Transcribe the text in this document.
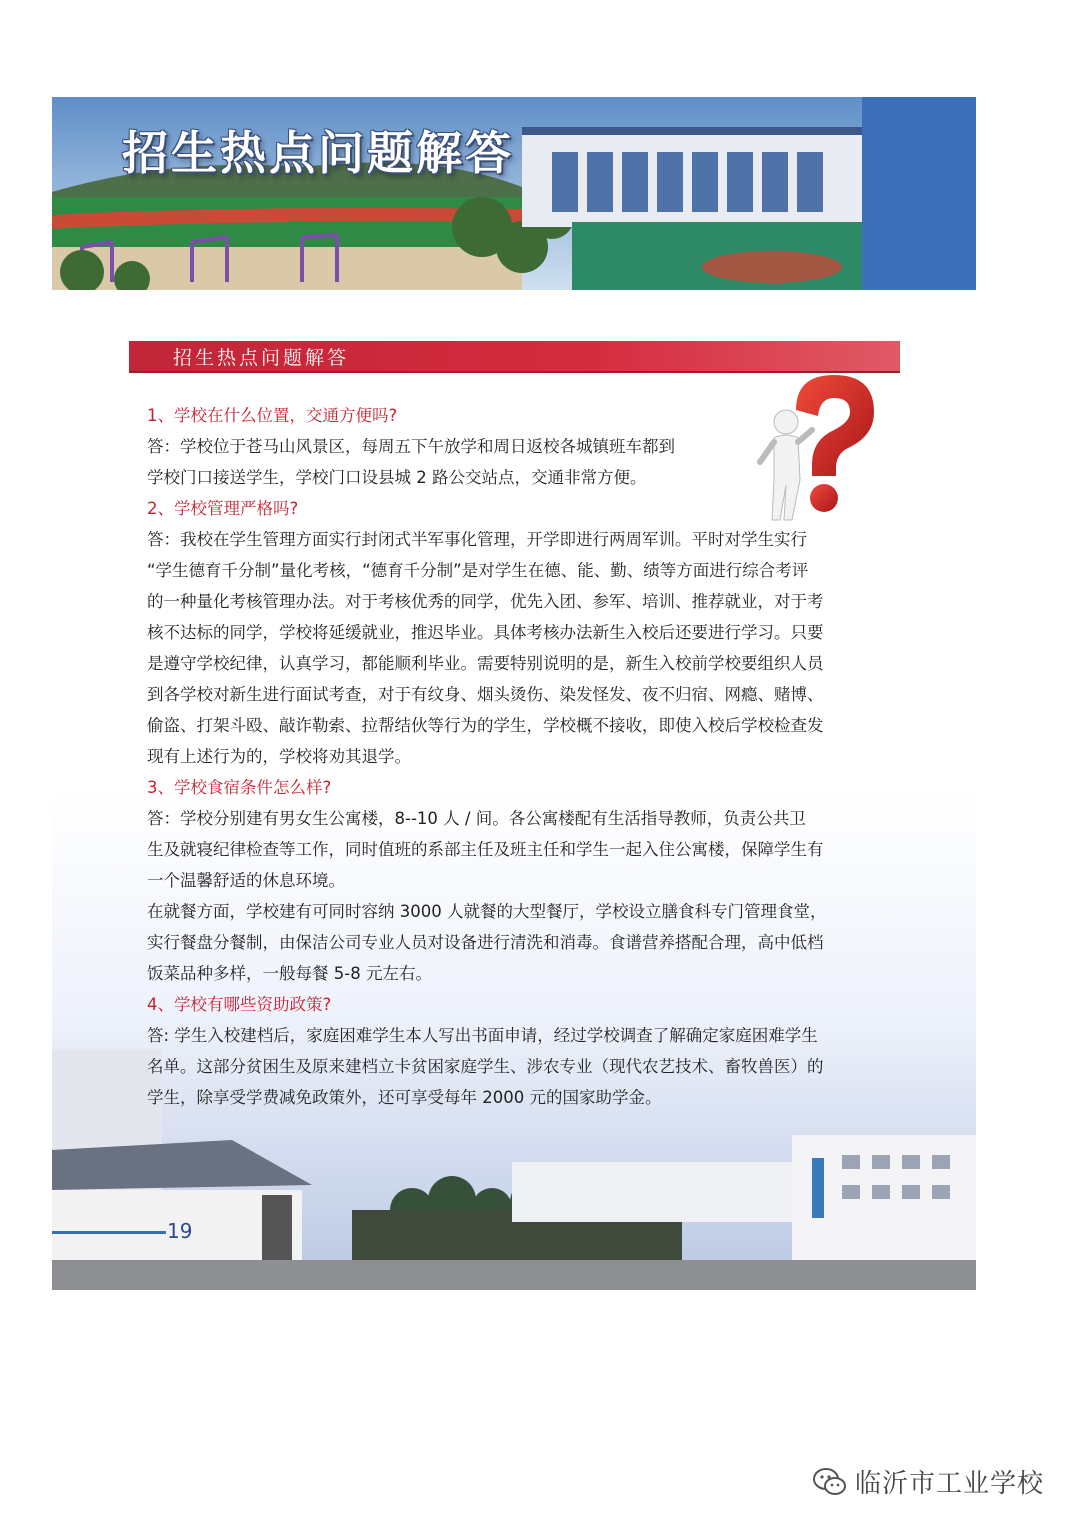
招生热点问题解答
招生热点问题解答
1、学校在什么位置，交通方便吗?
答：学校位于苍马山风景区，每周五下午放学和周日返校各城镇班车都到
学校门口接送学生，学校门口设县城 2 路公交站点，交通非常方便。
2、学校管理严格吗?
答：我校在学生管理方面实行封闭式半军事化管理，开学即进行两周军训。平时对学生实行
“学生德育千分制”量化考核，“德育千分制”是对学生在德、能、勤、绩等方面进行综合考评
的一种量化考核管理办法。对于考核优秀的同学，优先入团、参军、培训、推荐就业，对于考
核不达标的同学，学校将延缓就业，推迟毕业。具体考核办法新生入校后还要进行学习。只要
是遵守学校纪律，认真学习，都能顺利毕业。需要特别说明的是，新生入校前学校要组织人员
到各学校对新生进行面试考查，对于有纹身、烟头烫伤、染发怪发、夜不归宿、网瘾、赌博、
偷盗、打架斗殴、敲诈勒索、拉帮结伙等行为的学生，学校概不接收，即使入校后学校检查发
现有上述行为的，学校将劝其退学。
3、学校食宿条件怎么样?
答：学校分别建有男女生公寓楼，8--10 人 / 间。各公寓楼配有生活指导教师，负责公共卫
生及就寝纪律检查等工作，同时值班的系部主任及班主任和学生一起入住公寓楼，保障学生有
一个温馨舒适的休息环境。
在就餐方面，学校建有可同时容纳 3000 人就餐的大型餐厅，学校设立膳食科专门管理食堂，
实行餐盘分餐制，由保洁公司专业人员对设备进行清洗和消毒。食谱营养搭配合理，高中低档
饭菜品种多样，一般每餐 5-8 元左右。
4、学校有哪些资助政策?
答: 学生入校建档后，家庭困难学生本人写出书面申请，经过学校调查了解确定家庭困难学生
名单。这部分贫困生及原来建档立卡贫困家庭学生、涉农专业（现代农艺技术、畜牧兽医）的
学生，除享受学费减免政策外，还可享受每年 2000 元的国家助学金。
19
临沂市工业学校
